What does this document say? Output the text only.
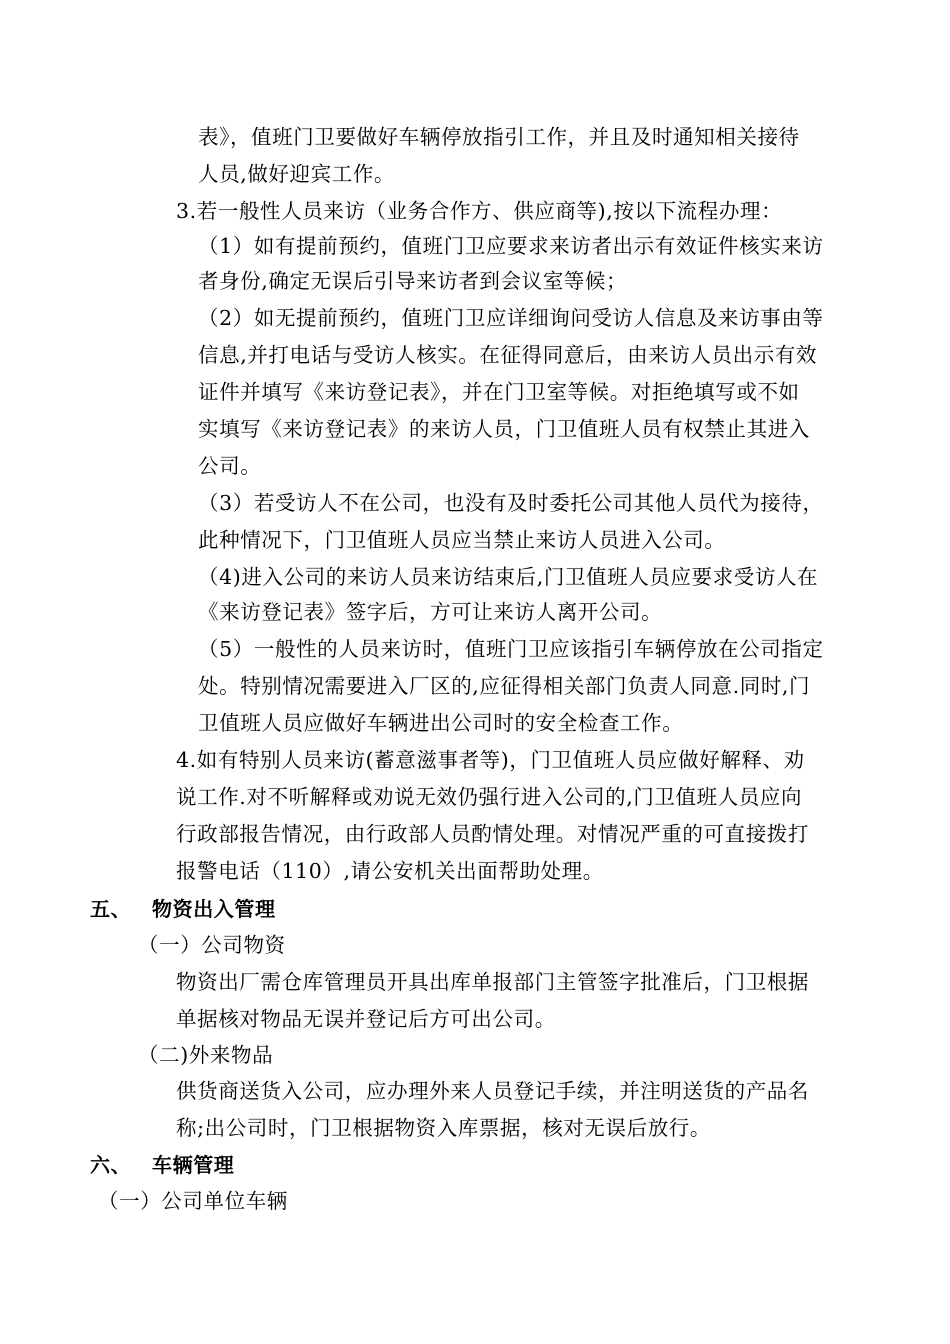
表》，值班门卫要做好车辆停放指引工作，并且及时通知相关接待
人员,做好迎宾工作。
3.若一般性人员来访（业务合作方、供应商等),按以下流程办理：
（1）如有提前预约，值班门卫应要求来访者出示有效证件核实来访
者身份,确定无误后引导来访者到会议室等候；
（2）如无提前预约，值班门卫应详细询问受访人信息及来访事由等
信息,并打电话与受访人核实。在征得同意后，由来访人员出示有效
证件并填写《来访登记表》，并在门卫室等候。对拒绝填写或不如
实填写《来访登记表》的来访人员，门卫值班人员有权禁止其进入
公司。
（3）若受访人不在公司，也没有及时委托公司其他人员代为接待，
此种情况下，门卫值班人员应当禁止来访人员进入公司。
（4)进入公司的来访人员来访结束后,门卫值班人员应要求受访人在
《来访登记表》签字后，方可让来访人离开公司。
（5）一般性的人员来访时，值班门卫应该指引车辆停放在公司指定
处。特别情况需要进入厂区的,应征得相关部门负责人同意.同时,门
卫值班人员应做好车辆进出公司时的安全检查工作。
4.如有特别人员来访(蓄意滋事者等)，门卫值班人员应做好解释、劝
说工作.对不听解释或劝说无效仍强行进入公司的,门卫值班人员应向
行政部报告情况，由行政部人员酌情处理。对情况严重的可直接拨打
报警电话（110）,请公安机关出面帮助处理。
五、 物资出入管理
（一）公司物资
物资出厂需仓库管理员开具出库单报部门主管签字批准后，门卫根据
单据核对物品无误并登记后方可出公司。
（二)外来物品
供货商送货入公司，应办理外来人员登记手续，并注明送货的产品名
称;出公司时，门卫根据物资入库票据，核对无误后放行。
六、 车辆管理
（一）公司单位车辆
